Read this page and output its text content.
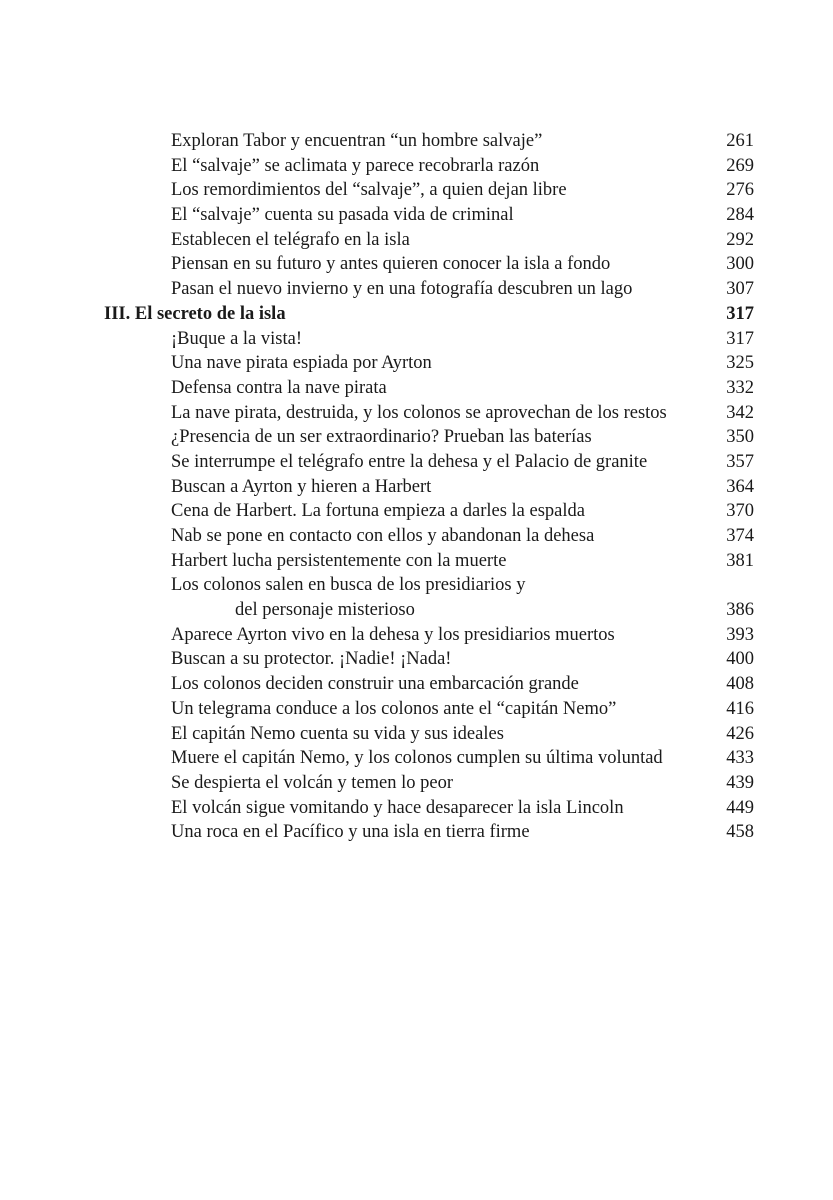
Exploran Tabor y encuentran “un hombre salvaje”	261
El “salvaje” se aclimata y parece recobrarla razón	269
Los remordimientos del “salvaje”, a quien dejan libre	276
El “salvaje” cuenta su pasada vida de criminal	284
Establecen el telégrafo en la isla	292
Piensan en su futuro y antes quieren conocer la isla a fondo	300
Pasan el nuevo invierno y en una fotografía descubren un lago	307
III. El secreto de la isla	317
¡Buque a la vista!	317
Una nave pirata espiada por Ayrton	325
Defensa contra la nave pirata	332
La nave pirata, destruida, y los colonos se aprovechan de los restos	342
¿Presencia de un ser extraordinario? Prueban las baterías	350
Se interrumpe el telégrafo entre la dehesa y el Palacio de granite	357
Buscan a Ayrton y hieren a Harbert	364
Cena de Harbert. La fortuna empieza a darles la espalda	370
Nab se pone en contacto con ellos y abandonan la dehesa	374
Harbert lucha persistentemente con la muerte	381
Los colonos salen en busca de los presidiarios y
del personaje misterioso	386
Aparece Ayrton vivo en la dehesa y los presidiarios muertos	393
Buscan a su protector. ¡Nadie! ¡Nada!	400
Los colonos deciden construir una embarcación grande	408
Un telegrama conduce a los colonos ante el “capitán Nemo”	416
El capitán Nemo cuenta su vida y sus ideales	426
Muere el capitán Nemo, y los colonos cumplen su última voluntad	433
Se despierta el volcán y temen lo peor	439
El volcán sigue vomitando y hace desaparecer la isla Lincoln	449
Una roca en el Pacífico y una isla en tierra firme	458
